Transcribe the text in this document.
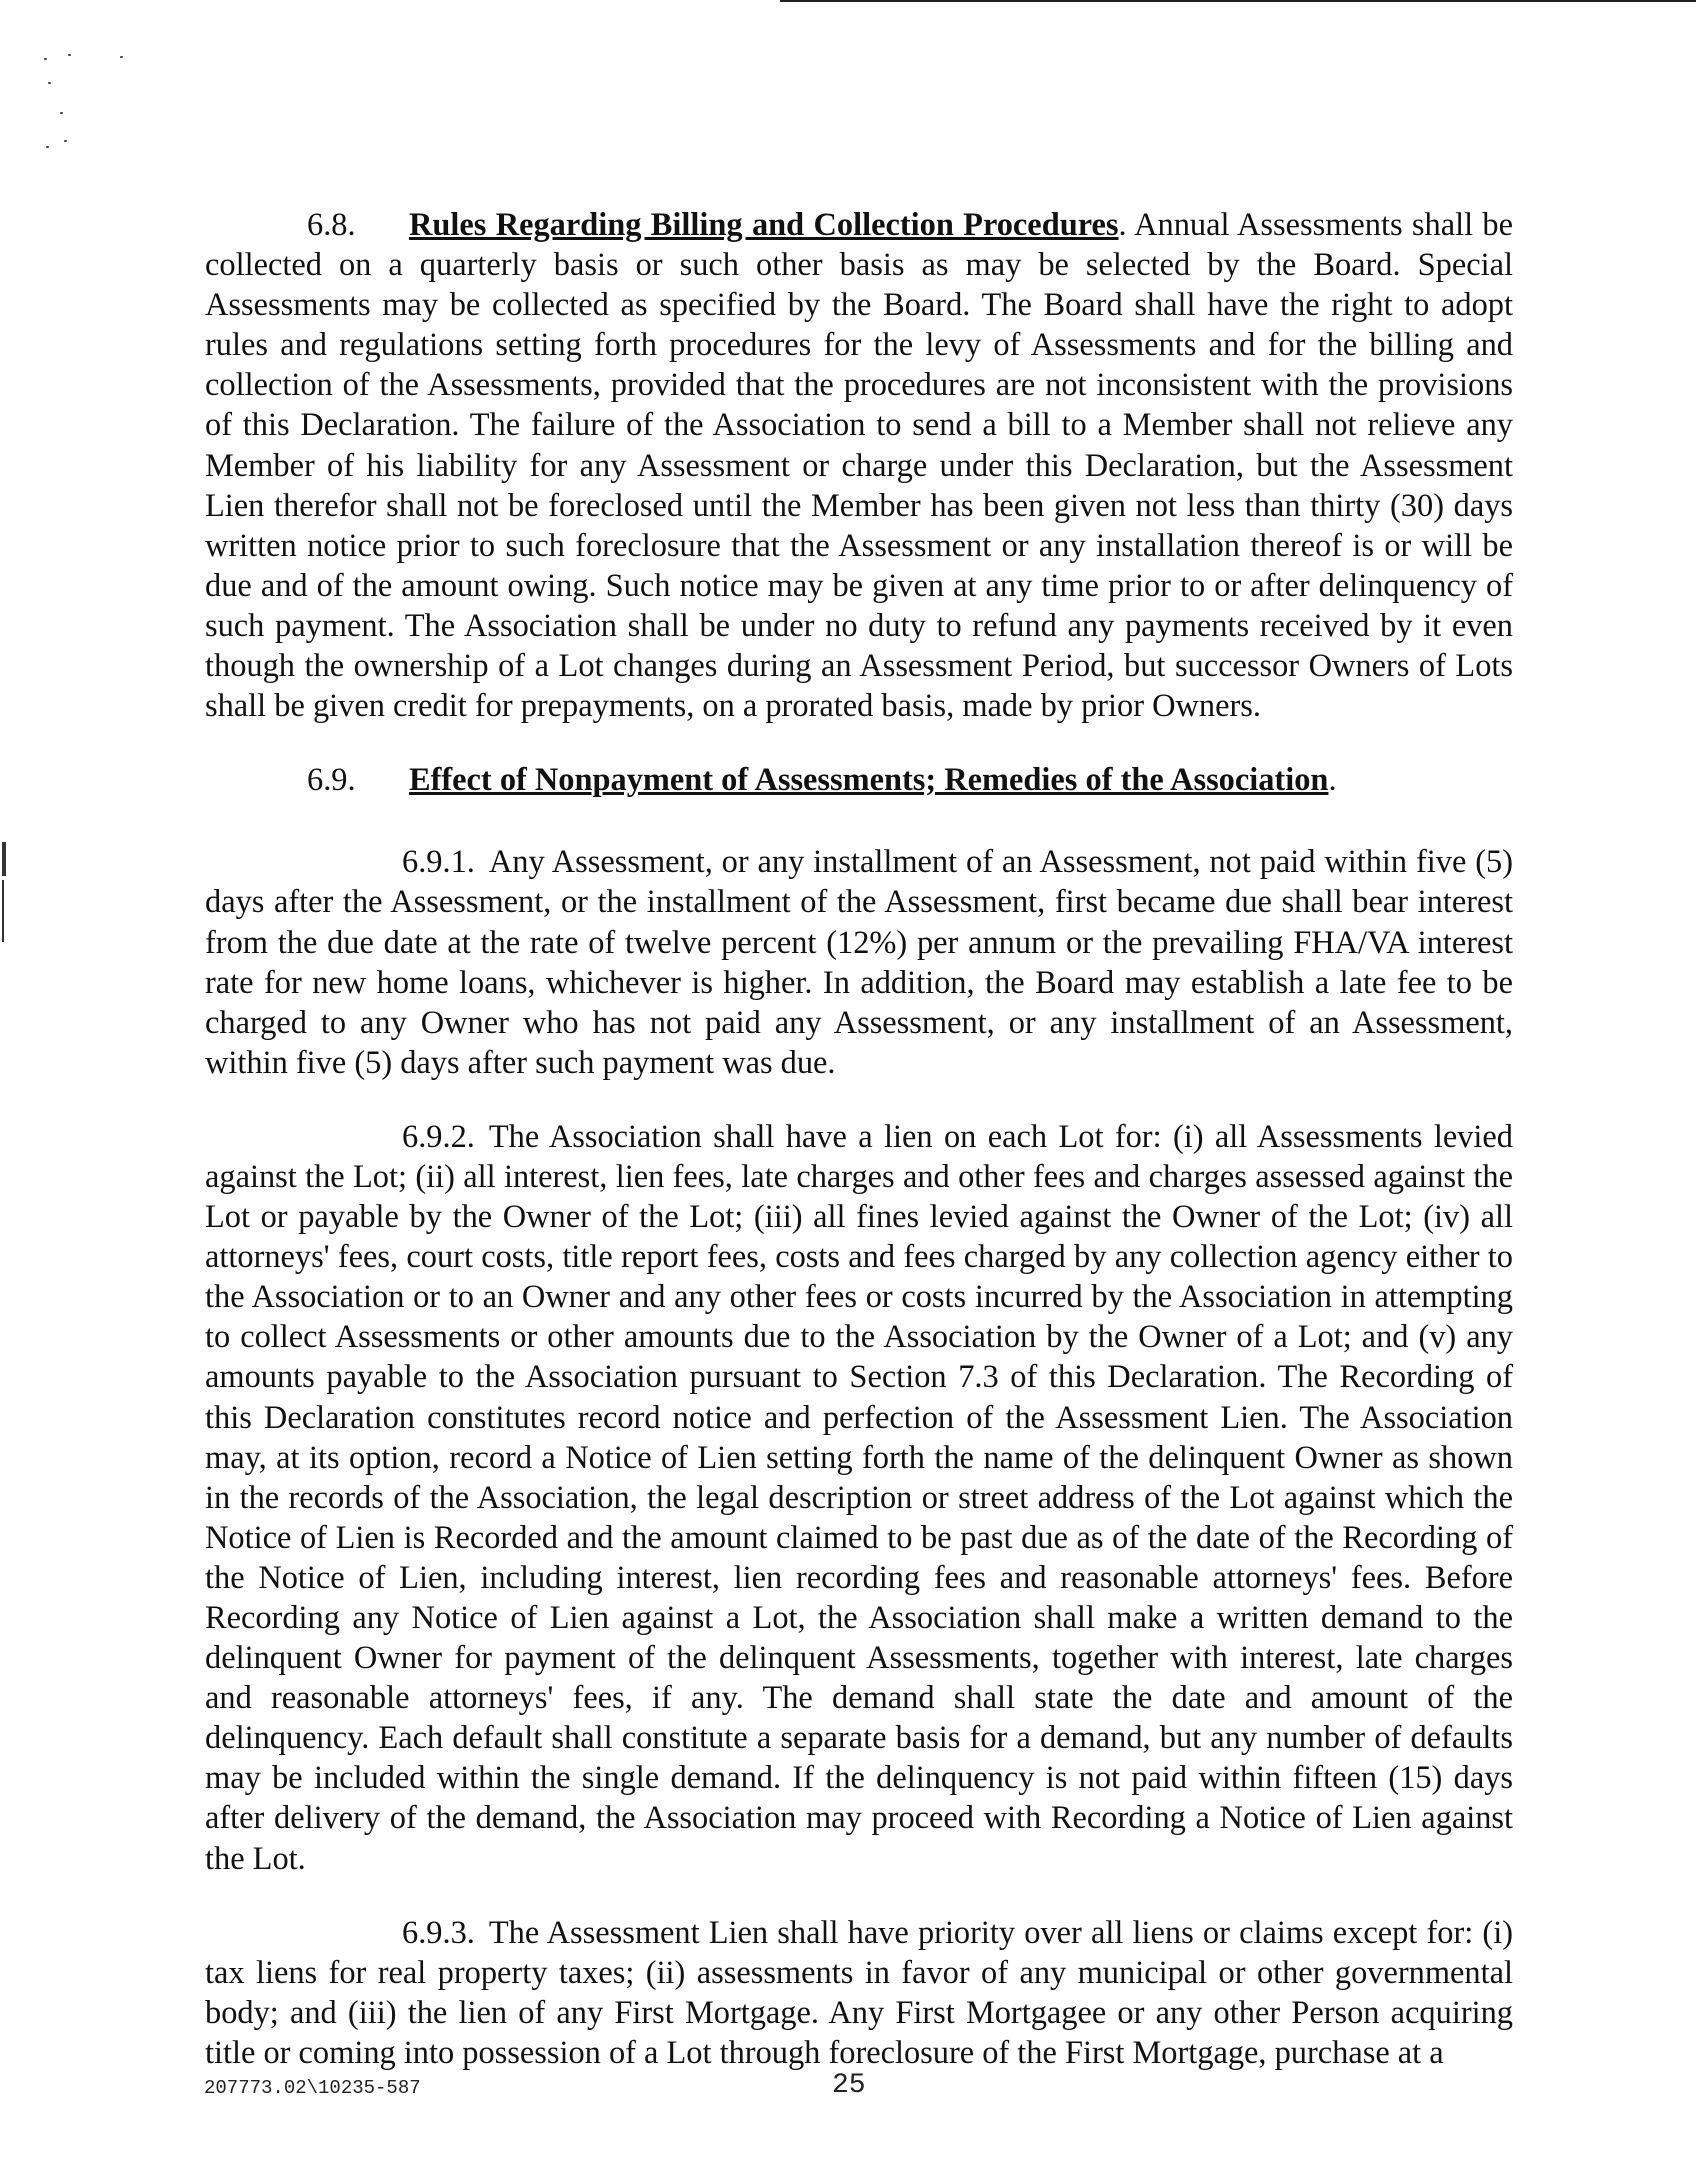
6.8. Rules Regarding Billing and Collection Procedures. Annual Assessments shall be collected on a quarterly basis or such other basis as may be selected by the Board. Special Assessments may be collected as specified by the Board. The Board shall have the right to adopt rules and regulations setting forth procedures for the levy of Assessments and for the billing and collection of the Assessments, provided that the procedures are not inconsistent with the provisions of this Declaration. The failure of the Association to send a bill to a Member shall not relieve any Member of his liability for any Assessment or charge under this Declaration, but the Assessment Lien therefor shall not be foreclosed until the Member has been given not less than thirty (30) days written notice prior to such foreclosure that the Assessment or any installation thereof is or will be due and of the amount owing. Such notice may be given at any time prior to or after delinquency of such payment. The Association shall be under no duty to refund any payments received by it even though the ownership of a Lot changes during an Assessment Period, but successor Owners of Lots shall be given credit for prepayments, on a prorated basis, made by prior Owners.

6.9. Effect of Nonpayment of Assessments; Remedies of the Association.

6.9.1. Any Assessment, or any installment of an Assessment, not paid within five (5) days after the Assessment, or the installment of the Assessment, first became due shall bear interest from the due date at the rate of twelve percent (12%) per annum or the prevailing FHA/VA interest rate for new home loans, whichever is higher. In addition, the Board may establish a late fee to be charged to any Owner who has not paid any Assessment, or any installment of an Assessment, within five (5) days after such payment was due.

6.9.2. The Association shall have a lien on each Lot for: (i) all Assessments levied against the Lot; (ii) all interest, lien fees, late charges and other fees and charges assessed against the Lot or payable by the Owner of the Lot; (iii) all fines levied against the Owner of the Lot; (iv) all attorneys' fees, court costs, title report fees, costs and fees charged by any collection agency either to the Association or to an Owner and any other fees or costs incurred by the Association in attempting to collect Assessments or other amounts due to the Association by the Owner of a Lot; and (v) any amounts payable to the Association pursuant to Section 7.3 of this Declaration. The Recording of this Declaration constitutes record notice and perfection of the Assessment Lien. The Association may, at its option, record a Notice of Lien setting forth the name of the delinquent Owner as shown in the records of the Association, the legal description or street address of the Lot against which the Notice of Lien is Recorded and the amount claimed to be past due as of the date of the Recording of the Notice of Lien, including interest, lien recording fees and reasonable attorneys' fees. Before Recording any Notice of Lien against a Lot, the Association shall make a written demand to the delinquent Owner for payment of the delinquent Assessments, together with interest, late charges and reasonable attorneys' fees, if any. The demand shall state the date and amount of the delinquency. Each default shall constitute a separate basis for a demand, but any number of defaults may be included within the single demand. If the delinquency is not paid within fifteen (15) days after delivery of the demand, the Association may proceed with Recording a Notice of Lien against the Lot.

6.9.3. The Assessment Lien shall have priority over all liens or claims except for: (i) tax liens for real property taxes; (ii) assessments in favor of any municipal or other governmental body; and (iii) the lien of any First Mortgage. Any First Mortgagee or any other Person acquiring title or coming into possession of a Lot through foreclosure of the First Mortgage, purchase at a

207773.02\10235-587	25
